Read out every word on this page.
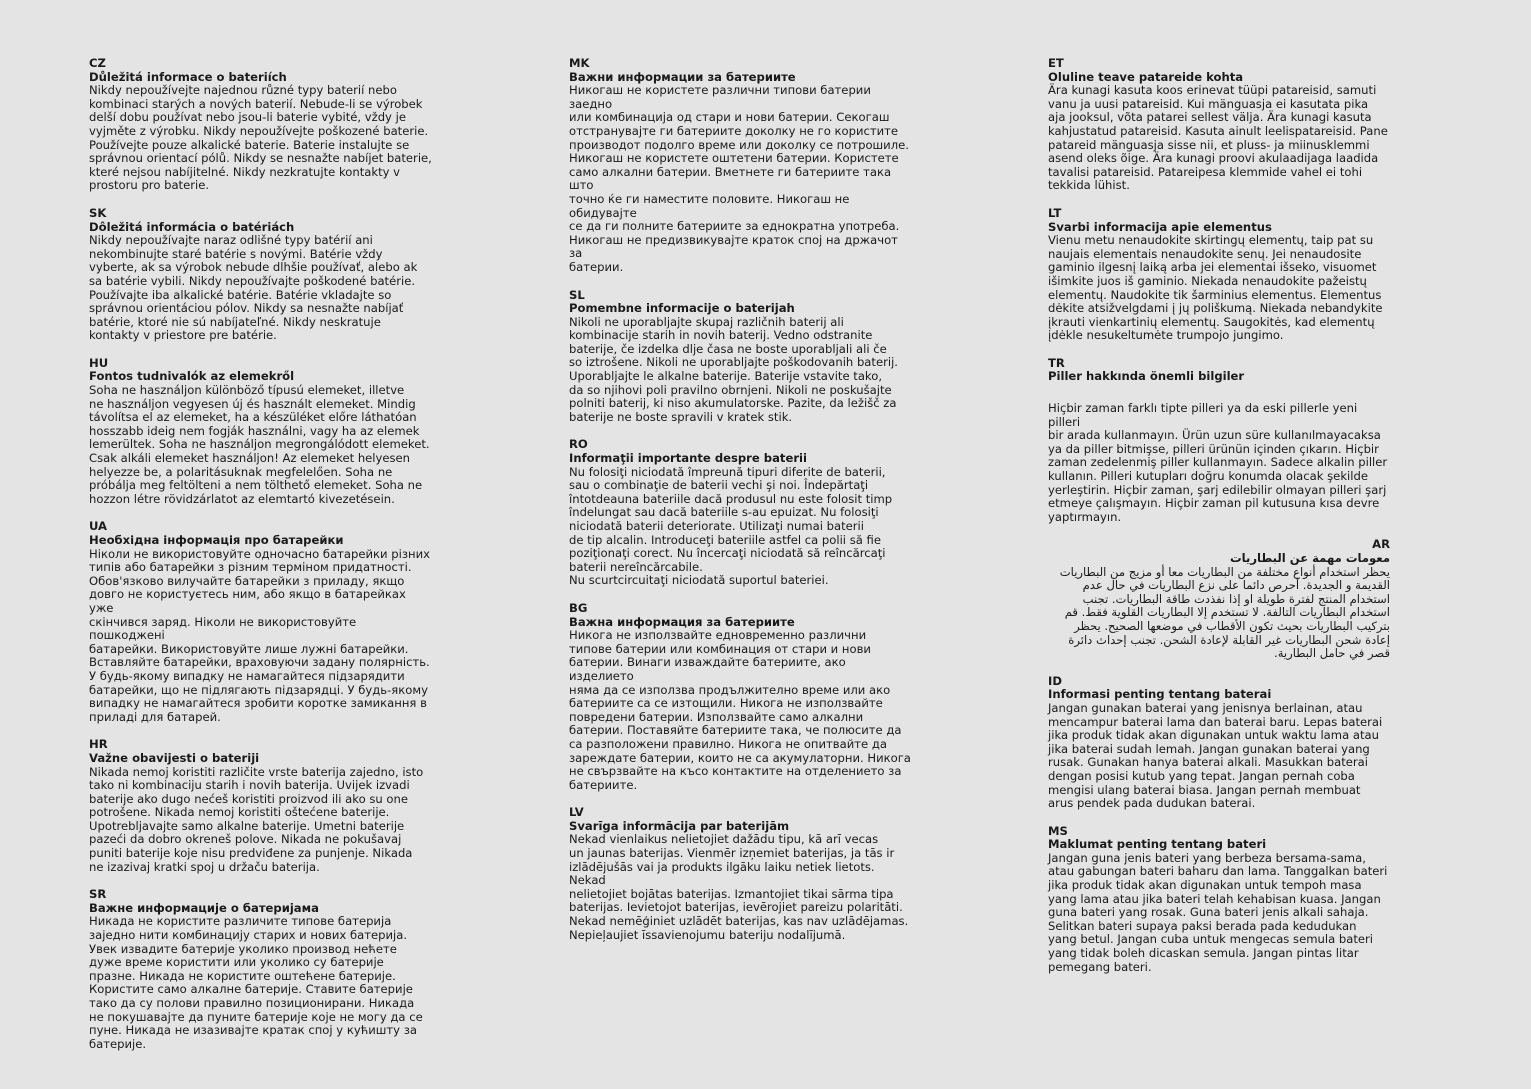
CZ
Důležitá informace o bateriích
Nikdy nepoužívejte najednou různé typy baterií nebo
kombinaci starých a nových baterií. Nebude-li se výrobek
delší dobu používat nebo jsou-li baterie vybité, vždy je
vyjměte z výrobku. Nikdy nepoužívejte poškozené baterie.
Používejte pouze alkalické baterie. Baterie instalujte se
správnou orientací pólů. Nikdy se nesnažte nabíjet baterie,
které nejsou nabíjitelné. Nikdy nezkratujte kontakty v
prostoru pro baterie.
SK
Dôležitá informácia o batériách
Nikdy nepoužívajte naraz odlišné typy batérií ani
nekombinujte staré batérie s novými. Batérie vždy
vyberte, ak sa výrobok nebude dlhšie používať, alebo ak
sa batérie vybili. Nikdy nepoužívajte poškodené batérie.
Používajte iba alkalické batérie. Batérie vkladajte so
správnou orientáciou pólov. Nikdy sa nesnažte nabíjať
batérie, ktoré nie sú nabíjateľné. Nikdy neskratuje
kontakty v priestore pre batérie.
HU
Fontos tudnivalók az elemekről
Soha ne használjon különböző típusú elemeket, illetve
ne használjon vegyesen új és használt elemeket. Mindig
távolítsa el az elemeket, ha a készüléket előre láthatóan
hosszabb ideig nem fogják használni, vagy ha az elemek
lemerültek. Soha ne használjon megrongálódott elemeket.
Csak alkáli elemeket használjon! Az elemeket helyesen
helyezze be, a polaritásuknak megfelelően. Soha ne
próbálja meg feltölteni a nem tölthető elemeket. Soha ne
hozzon létre rövidzárlatot az elemtartó kivezetésein.
UA
Необхідна інформація про батарейки
Ніколи не використовуйте одночасно батарейки різних
типів або батарейки з різним терміном придатності.
Обов'язково вилучайте батарейки з приладу, якщо
довго не користуєтесь ним, або якщо в батарейках уже
скінчився заряд. Ніколи не використовуйте пошкоджені
батарейки. Використовуйте лише лужні батарейки.
Вставляйте батарейки, враховуючи задану полярність.
У будь-якому випадку не намагайтеся підзарядити
батарейки, що не підлягають підзарядці. У будь-якому
випадку не намагайтеся зробити коротке замикання в
приладі для батарей.
HR
Važne obavijesti o bateriji
Nikada nemoj koristiti različite vrste baterija zajedno, isto
tako ni kombinaciju starih i novih baterija. Uvijek izvadi
baterije ako dugo nećeš koristiti proizvod ili ako su one
potrošene. Nikada nemoj koristiti oštećene baterije.
Upotrebljavajte samo alkalne baterije. Umetni baterije
pazeći da dobro okreneš polove. Nikada ne pokušavaj
puniti baterije koje nisu predviđene za punjenje. Nikada
ne izazivaj kratki spoj u držaču baterija.
SR
Важне информације о батеријама
Никада не користите различите типове батерија
заједно нити комбинацију старих и нових батерија.
Увек извадите батерије уколико производ нећете
дуже време користити или уколико су батерије
празне. Никада не користите оштећене батерије.
Користите само алкалне батерије. Ставите батерије
тако да су полови правилно позиционирани. Никада
не покушавајте да пуните батерије које не могу да се
пуне. Никада не изазивајте кратак спој у кућишту за
батерије.
MK
Важни информации за батериите
Никогаш не користете различни типови батерии заедно
или комбинација од стари и нови батерии. Секогаш
отстранувајте ги батериите доколку не го користите
производот подолго време или доколку се потрошиле.
Никогаш не користете оштетени батерии. Користете
само алкални батерии. Вметнете ги батериите така што
точно ќе ги наместите половите. Никогаш не обидувајте
се да ги полните батериите за еднократна употреба.
Никогаш не предизвикувајте краток спој на држачот за
батерии.
SL
Pomembne informacije o baterijah
Nikoli ne uporabljajte skupaj različnih baterij ali
kombinacije starih in novih baterij. Vedno odstranite
baterije, če izdelka dlje časa ne boste uporabljali ali če
so iztrošene. Nikoli ne uporabljajte poškodovanih baterij.
Uporabljajte le alkalne baterije. Baterije vstavite tako,
da so njihovi poli pravilno obrnjeni. Nikoli ne poskušajte
polniti baterij, ki niso akumulatorske. Pazite, da ležišč za
baterije ne boste spravili v kratek stik.
RO
Informaţii importante despre baterii
Nu folosiţi niciodată împreună tipuri diferite de baterii,
sau o combinaţie de baterii vechi şi noi. Îndepărtaţi
întotdeauna bateriile dacă produsul nu este folosit timp
îndelungat sau dacă bateriile s-au epuizat. Nu folosiţi
niciodată baterii deteriorate. Utilizaţi numai baterii
de tip alcalin. Introduceţi bateriile astfel ca polii să fie
poziţionaţi corect. Nu încercaţi niciodată să reîncărcaţi
baterii nereîncărcabile.
Nu scurtcircuitaţi niciodată suportul bateriei.
BG
Важна информация за батериите
Никога не използвайте едновременно различни
типове батерии или комбинация от стари и нови
батерии. Винаги изваждайте батериите, ако изделието
няма да се използва продължително време или ако
батериите са се изтощили. Никога не използвайте
повредени батерии. Използвайте само алкални
батерии. Поставяйте батериите така, че полюсите да
са разположени правилно. Никога не опитвайте да
зареждате батерии, които не са акумулаторни. Никога
не свързвайте на късо контактите на отделението за
батериите.
LV
Svarīga informācija par baterijām
Nekad vienlaikus nelietojiet dažādu tipu, kā arī vecas
un jaunas baterijas. Vienmēr izņemiet baterijas, ja tās ir
izlādējušās vai ja produkts ilgāku laiku netiek lietots. Nekad
nelietojiet bojātas baterijas. Izmantojiet tikai sārma tipa
baterijas. Ievietojot baterijas, ievērojiet pareizu polaritāti.
Nekad nemēģiniet uzlādēt baterijas, kas nav uzlādējamas.
Nepieļaujiet īssavienojumu bateriju nodalījumā.
ET
Oluline teave patareide kohta
Ära kunagi kasuta koos erinevat tüüpi patareisid, samuti
vanu ja uusi patareisid. Kui mänguasja ei kasutata pika
aja jooksul, võta patarei sellest välja. Ära kunagi kasuta
kahjustatud patareisid. Kasuta ainult leelispatareisid. Pane
patareid mänguasja sisse nii, et pluss- ja miinusklemmi
asend oleks õige. Ära kunagi proovi akulaadijaga laadida
tavalisi patareisid. Patareipesa klemmide vahel ei tohi
tekkida lühist.
LT
Svarbi informacija apie elementus
Vienu metu nenaudokite skirtingų elementų, taip pat su
naujais elementais nenaudokite senų. Jei nenaudosite
gaminio ilgesnį laiką arba jei elementai išseko, visuomet
išimkite juos iš gaminio. Niekada nenaudokite pažeistų
elementų. Naudokite tik šarminius elementus. Elementus
dėkite atsižvelgdami į jų poliškumą. Niekada nebandykite
įkrauti vienkartinių elementų. Saugokitės, kad elementų
įdėkle nesukeltumėte trumpojo jungimo.
TR
Piller hakkında önemli bilgiler
Hiçbir zaman farklı tipte pilleri ya da eski pillerle yeni pilleri
bir arada kullanmayın. Ürün uzun süre kullanılmayacaksa
ya da piller bitmişse, pilleri ürünün içinden çıkarın. Hiçbir
zaman zedelenmiş piller kullanmayın. Sadece alkalin piller
kullanın. Pilleri kutupları doğru konumda olacak şekilde
yerleştirin. Hiçbir zaman, şarj edilebilir olmayan pilleri şarj
etmeye çalışmayın. Hiçbir zaman pil kutusuna kısa devre
yaptırmayın.
AR
معومات مهمة عن البطاريات
يحظر استخدام أنواع مختلفة من البطاريات معا أو مزيج من البطاريات
القديمة و الجديدة. أحرص دائما على نزع البطاريات في حال عدم
استخدام المنتج لفترة طويلة او إذا نفذدت طاقة البطاريات. تجنب
استخدام البطاريات التالفة. لا تستخدم إلا البطاريات القلوية فقط. قم
بتركيب البطاريات بحيث تكون الأقطاب في موضعها الصحيح. يحظر
إعادة شحن البطاريات غير القابلة لإعادة الشحن. تجنب إحداث دائرة
قصر في حامل البطارية.
ID
Informasi penting tentang baterai
Jangan gunakan baterai yang jenisnya berlainan, atau
mencampur baterai lama dan baterai baru. Lepas baterai
jika produk tidak akan digunakan untuk waktu lama atau
jika baterai sudah lemah. Jangan gunakan baterai yang
rusak. Gunakan hanya baterai alkali. Masukkan baterai
dengan posisi kutub yang tepat. Jangan pernah coba
mengisi ulang baterai biasa. Jangan pernah membuat
arus pendek pada dudukan baterai.
MS
Maklumat penting tentang bateri
Jangan guna jenis bateri yang berbeza bersama-sama,
atau gabungan bateri baharu dan lama. Tanggalkan bateri
jika produk tidak akan digunakan untuk tempoh masa
yang lama atau jika bateri telah kehabisan kuasa. Jangan
guna bateri yang rosak. Guna bateri jenis alkali sahaja.
Selitkan bateri supaya paksi berada pada kedudukan
yang betul. Jangan cuba untuk mengecas semula bateri
yang tidak boleh dicaskan semula. Jangan pintas litar
pemegang bateri.
